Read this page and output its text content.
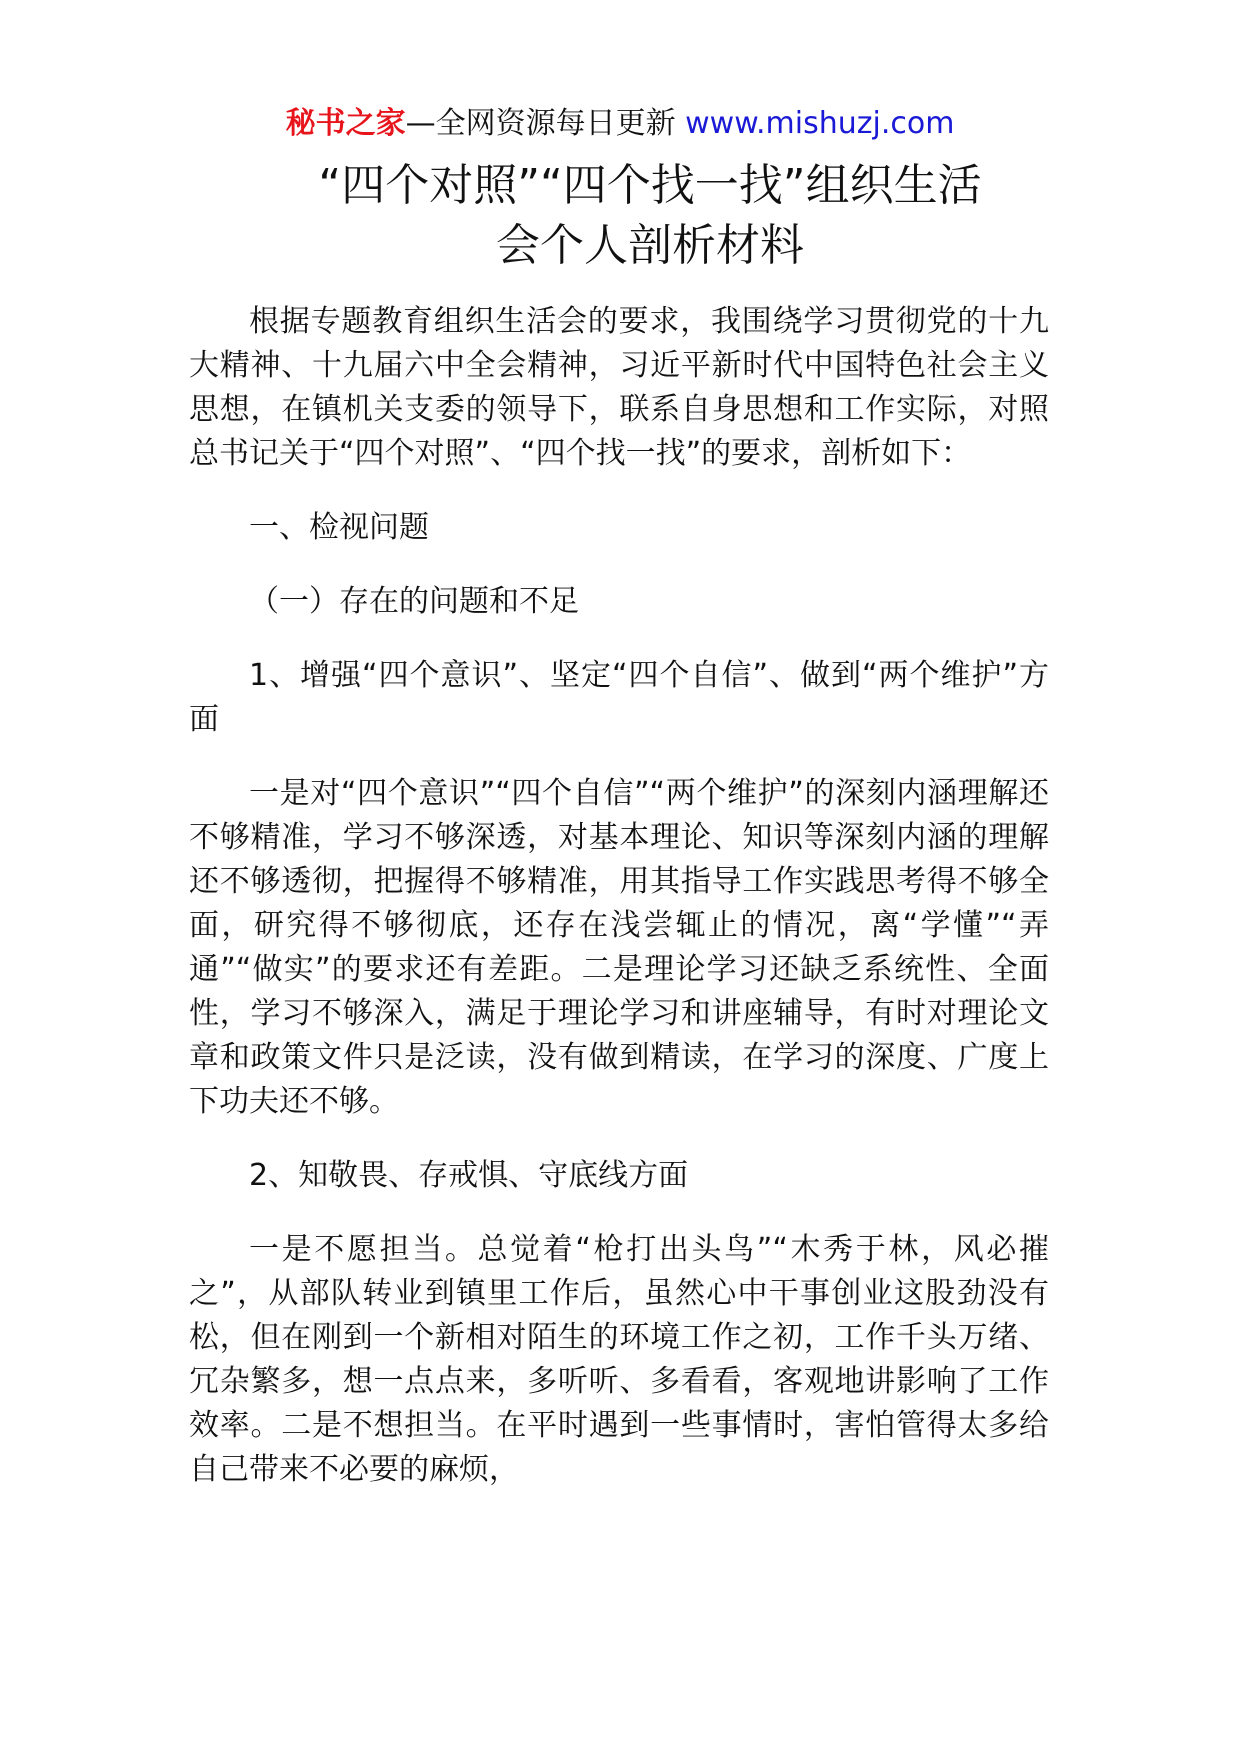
秘书之家—全网资源每日更新 www.mishuzj.com
“四个对照”“四个找一找”组织生活
会个人剖析材料

根据专题教育组织生活会的要求，我围绕学习贯彻党的十九大精神、十九届六中全会精神，习近平新时代中国特色社会主义思想，在镇机关支委的领导下，联系自身思想和工作实际，对照总书记关于“四个对照”、“四个找一找”的要求，剖析如下：

一、检视问题

（一）存在的问题和不足

1、增强“四个意识”、坚定“四个自信”、做到“两个维护”方面

一是对“四个意识”“四个自信”“两个维护”的深刻内涵理解还不够精准，学习不够深透，对基本理论、知识等深刻内涵的理解还不够透彻，把握得不够精准，用其指导工作实践思考得不够全面，研究得不够彻底，还存在浅尝辄止的情况，离“学懂”“弄通”“做实”的要求还有差距。二是理论学习还缺乏系统性、全面性，学习不够深入，满足于理论学习和讲座辅导，有时对理论文章和政策文件只是泛读，没有做到精读，在学习的深度、广度上下功夫还不够。

2、知敬畏、存戒惧、守底线方面

一是不愿担当。总觉着“枪打出头鸟”“木秀于林，风必摧之”，从部队转业到镇里工作后，虽然心中干事创业这股劲没有松，但在刚到一个新相对陌生的环境工作之初，工作千头万绪、冗杂繁多，想一点点来，多听听、多看看，客观地讲影响了工作效率。二是不想担当。在平时遇到一些事情时，害怕管得太多给自己带来不必要的麻烦，
